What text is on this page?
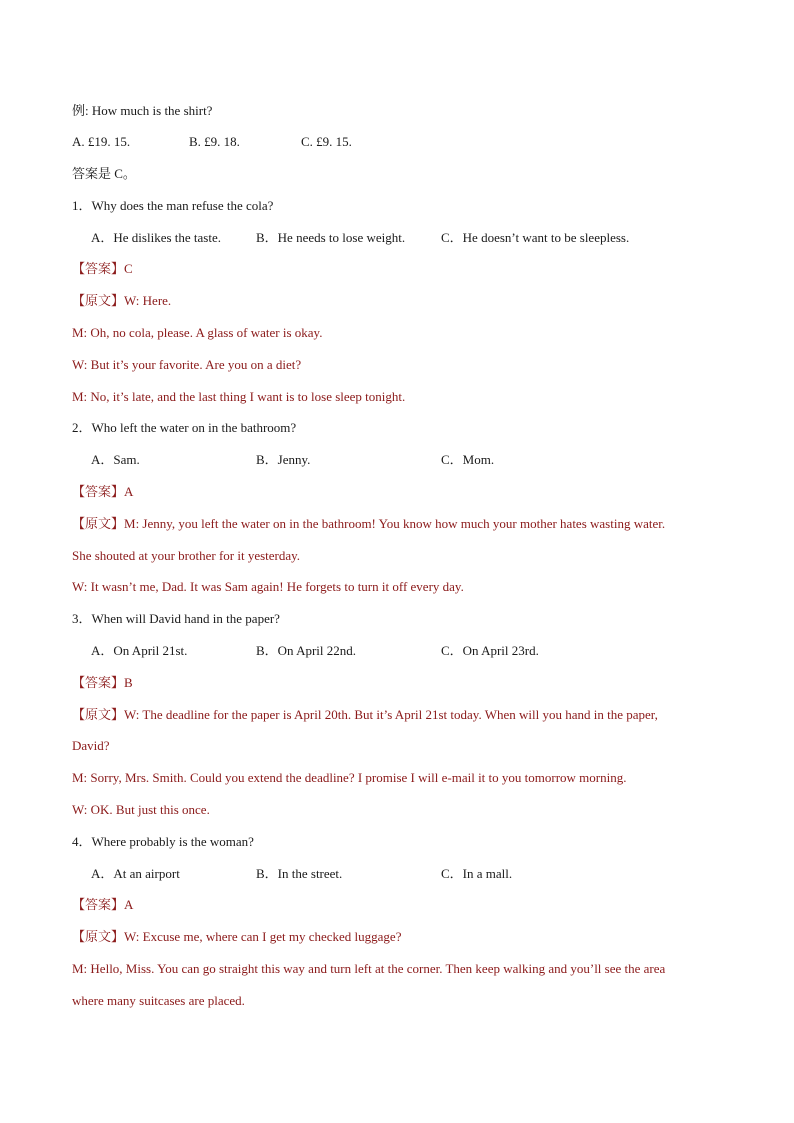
例: How much is the shirt?
A. £19. 15.	B. £9. 18.	C. £9. 15.
答案是 C。
1．Why does the man refuse the cola?
A．He dislikes the taste.	B．He needs to lose weight.	C．He doesn’t want to be sleepless.
【答案】C
【原文】W: Here.
M: Oh, no cola, please. A glass of water is okay.
W: But it’s your favorite. Are you on a diet?
M: No, it’s late, and the last thing I want is to lose sleep tonight.
2．Who left the water on in the bathroom?
A．Sam.	B．Jenny.	C．Mom.
【答案】A
【原文】M: Jenny, you left the water on in the bathroom! You know how much your mother hates wasting water.
She shouted at your brother for it yesterday.
W: It wasn’t me, Dad. It was Sam again! He forgets to turn it off every day.
3．When will David hand in the paper?
A．On April 21st.	B．On April 22nd.	C．On April 23rd.
【答案】B
【原文】W: The deadline for the paper is April 20th. But it’s April 21st today. When will you hand in the paper,
David?
M: Sorry, Mrs. Smith. Could you extend the deadline? I promise I will e-mail it to you tomorrow morning.
W: OK. But just this once.
4．Where probably is the woman?
A．At an airport	B．In the street.	C．In a mall.
【答案】A
【原文】W: Excuse me, where can I get my checked luggage?
M: Hello, Miss. You can go straight this way and turn left at the corner. Then keep walking and you’ll see the area
where many suitcases are placed.
